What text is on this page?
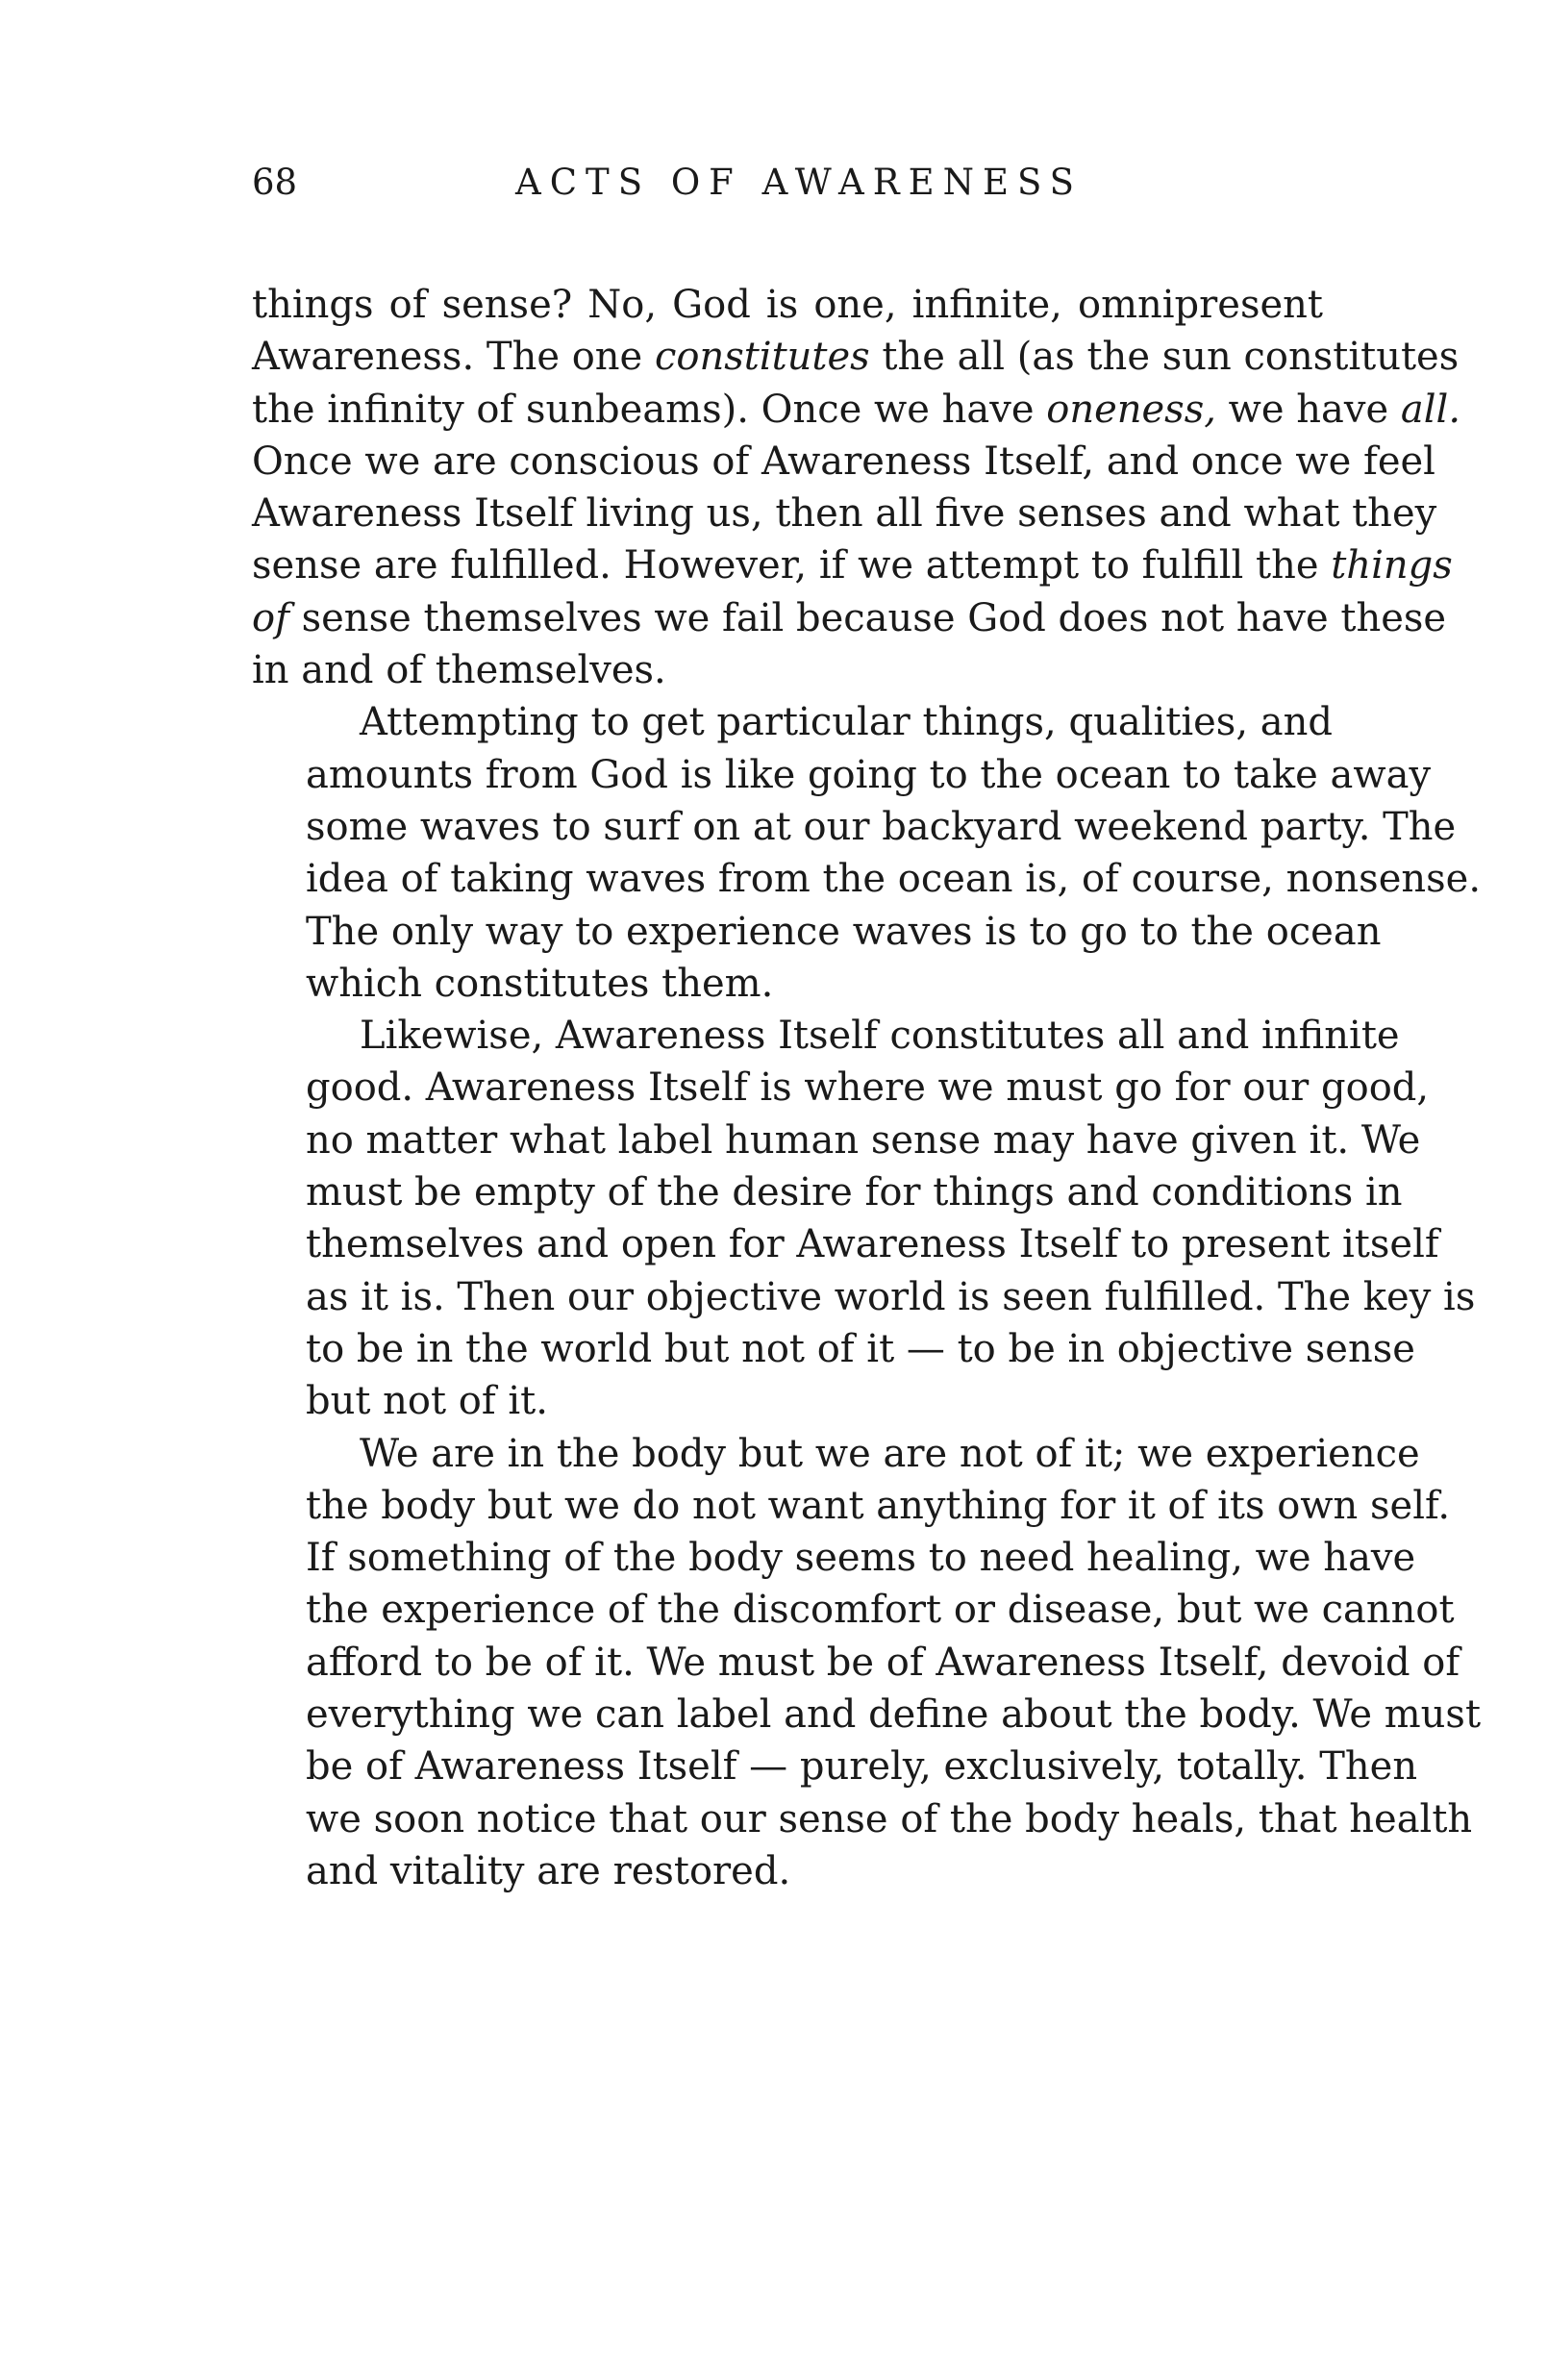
68	ACTS OF AWARENESS

things of sense? No, God is one, infinite, omnipresent
Awareness. The one constitutes the all (as the sun constitutes
the infinity of sunbeams). Once we have oneness, we have all.
Once we are conscious of Awareness Itself, and once we feel
Awareness Itself living us, then all five senses and what they
sense are fulfilled. However, if we attempt to fulfill the things
of sense themselves we fail because God does not have these
in and of themselves.

Attempting to get particular things, qualities, and
amounts from God is like going to the ocean to take away
some waves to surf on at our backyard weekend party. The
idea of taking waves from the ocean is, of course, nonsense.
The only way to experience waves is to go to the ocean
which constitutes them.

Likewise, Awareness Itself constitutes all and infinite
good. Awareness Itself is where we must go for our good,
no matter what label human sense may have given it. We
must be empty of the desire for things and conditions in
themselves and open for Awareness Itself to present itself
as it is. Then our objective world is seen fulfilled. The key is
to be in the world but not of it — to be in objective sense
but not of it.

We are in the body but we are not of it; we experience
the body but we do not want anything for it of its own self.
If something of the body seems to need healing, we have
the experience of the discomfort or disease, but we cannot
afford to be of it. We must be of Awareness Itself, devoid of
everything we can label and define about the body. We must
be of Awareness Itself — purely, exclusively, totally. Then
we soon notice that our sense of the body heals, that health
and vitality are restored.
